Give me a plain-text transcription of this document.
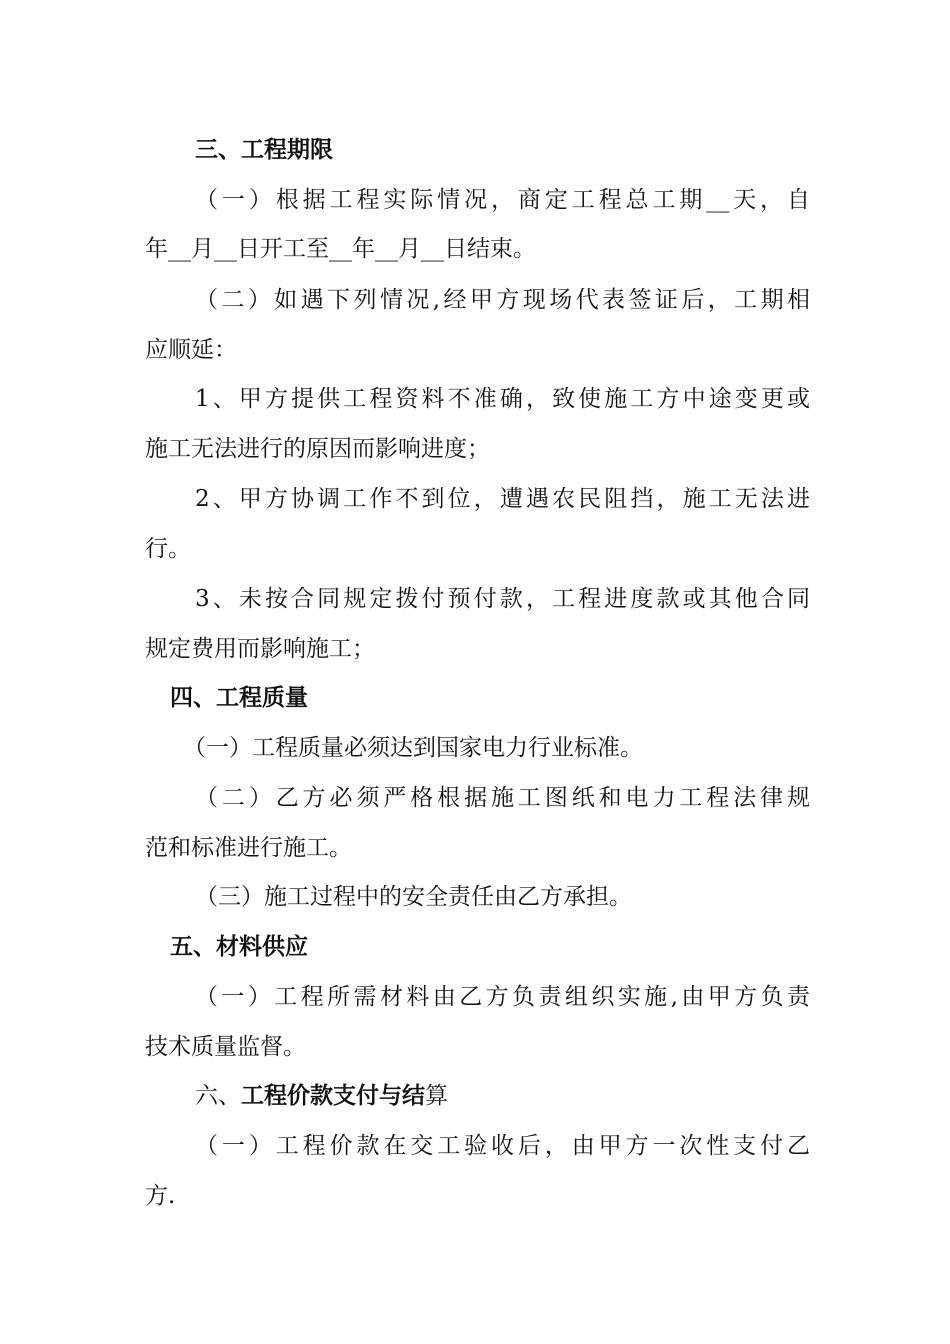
三、工程期限
（一）根据工程实际情况，商定工程总工期__天，自
年__月__日开工至__年__月__日结束。
（二）如遇下列情况,经甲方现场代表签证后，工期相
应顺延：
1、甲方提供工程资料不准确，致使施工方中途变更或
施工无法进行的原因而影响进度；
2、甲方协调工作不到位，遭遇农民阻挡，施工无法进
行。
3、未按合同规定拨付预付款，工程进度款或其他合同
规定费用而影响施工；
四、工程质量
（一）工程质量必须达到国家电力行业标准。
（二）乙方必须严格根据施工图纸和电力工程法律规
范和标准进行施工。
（三）施工过程中的安全责任由乙方承担。
五、材料供应
（一）工程所需材料由乙方负责组织实施,由甲方负责
技术质量监督。
六、工程价款支付与结算
（一）工程价款在交工验收后，由甲方一次性支付乙
方.
